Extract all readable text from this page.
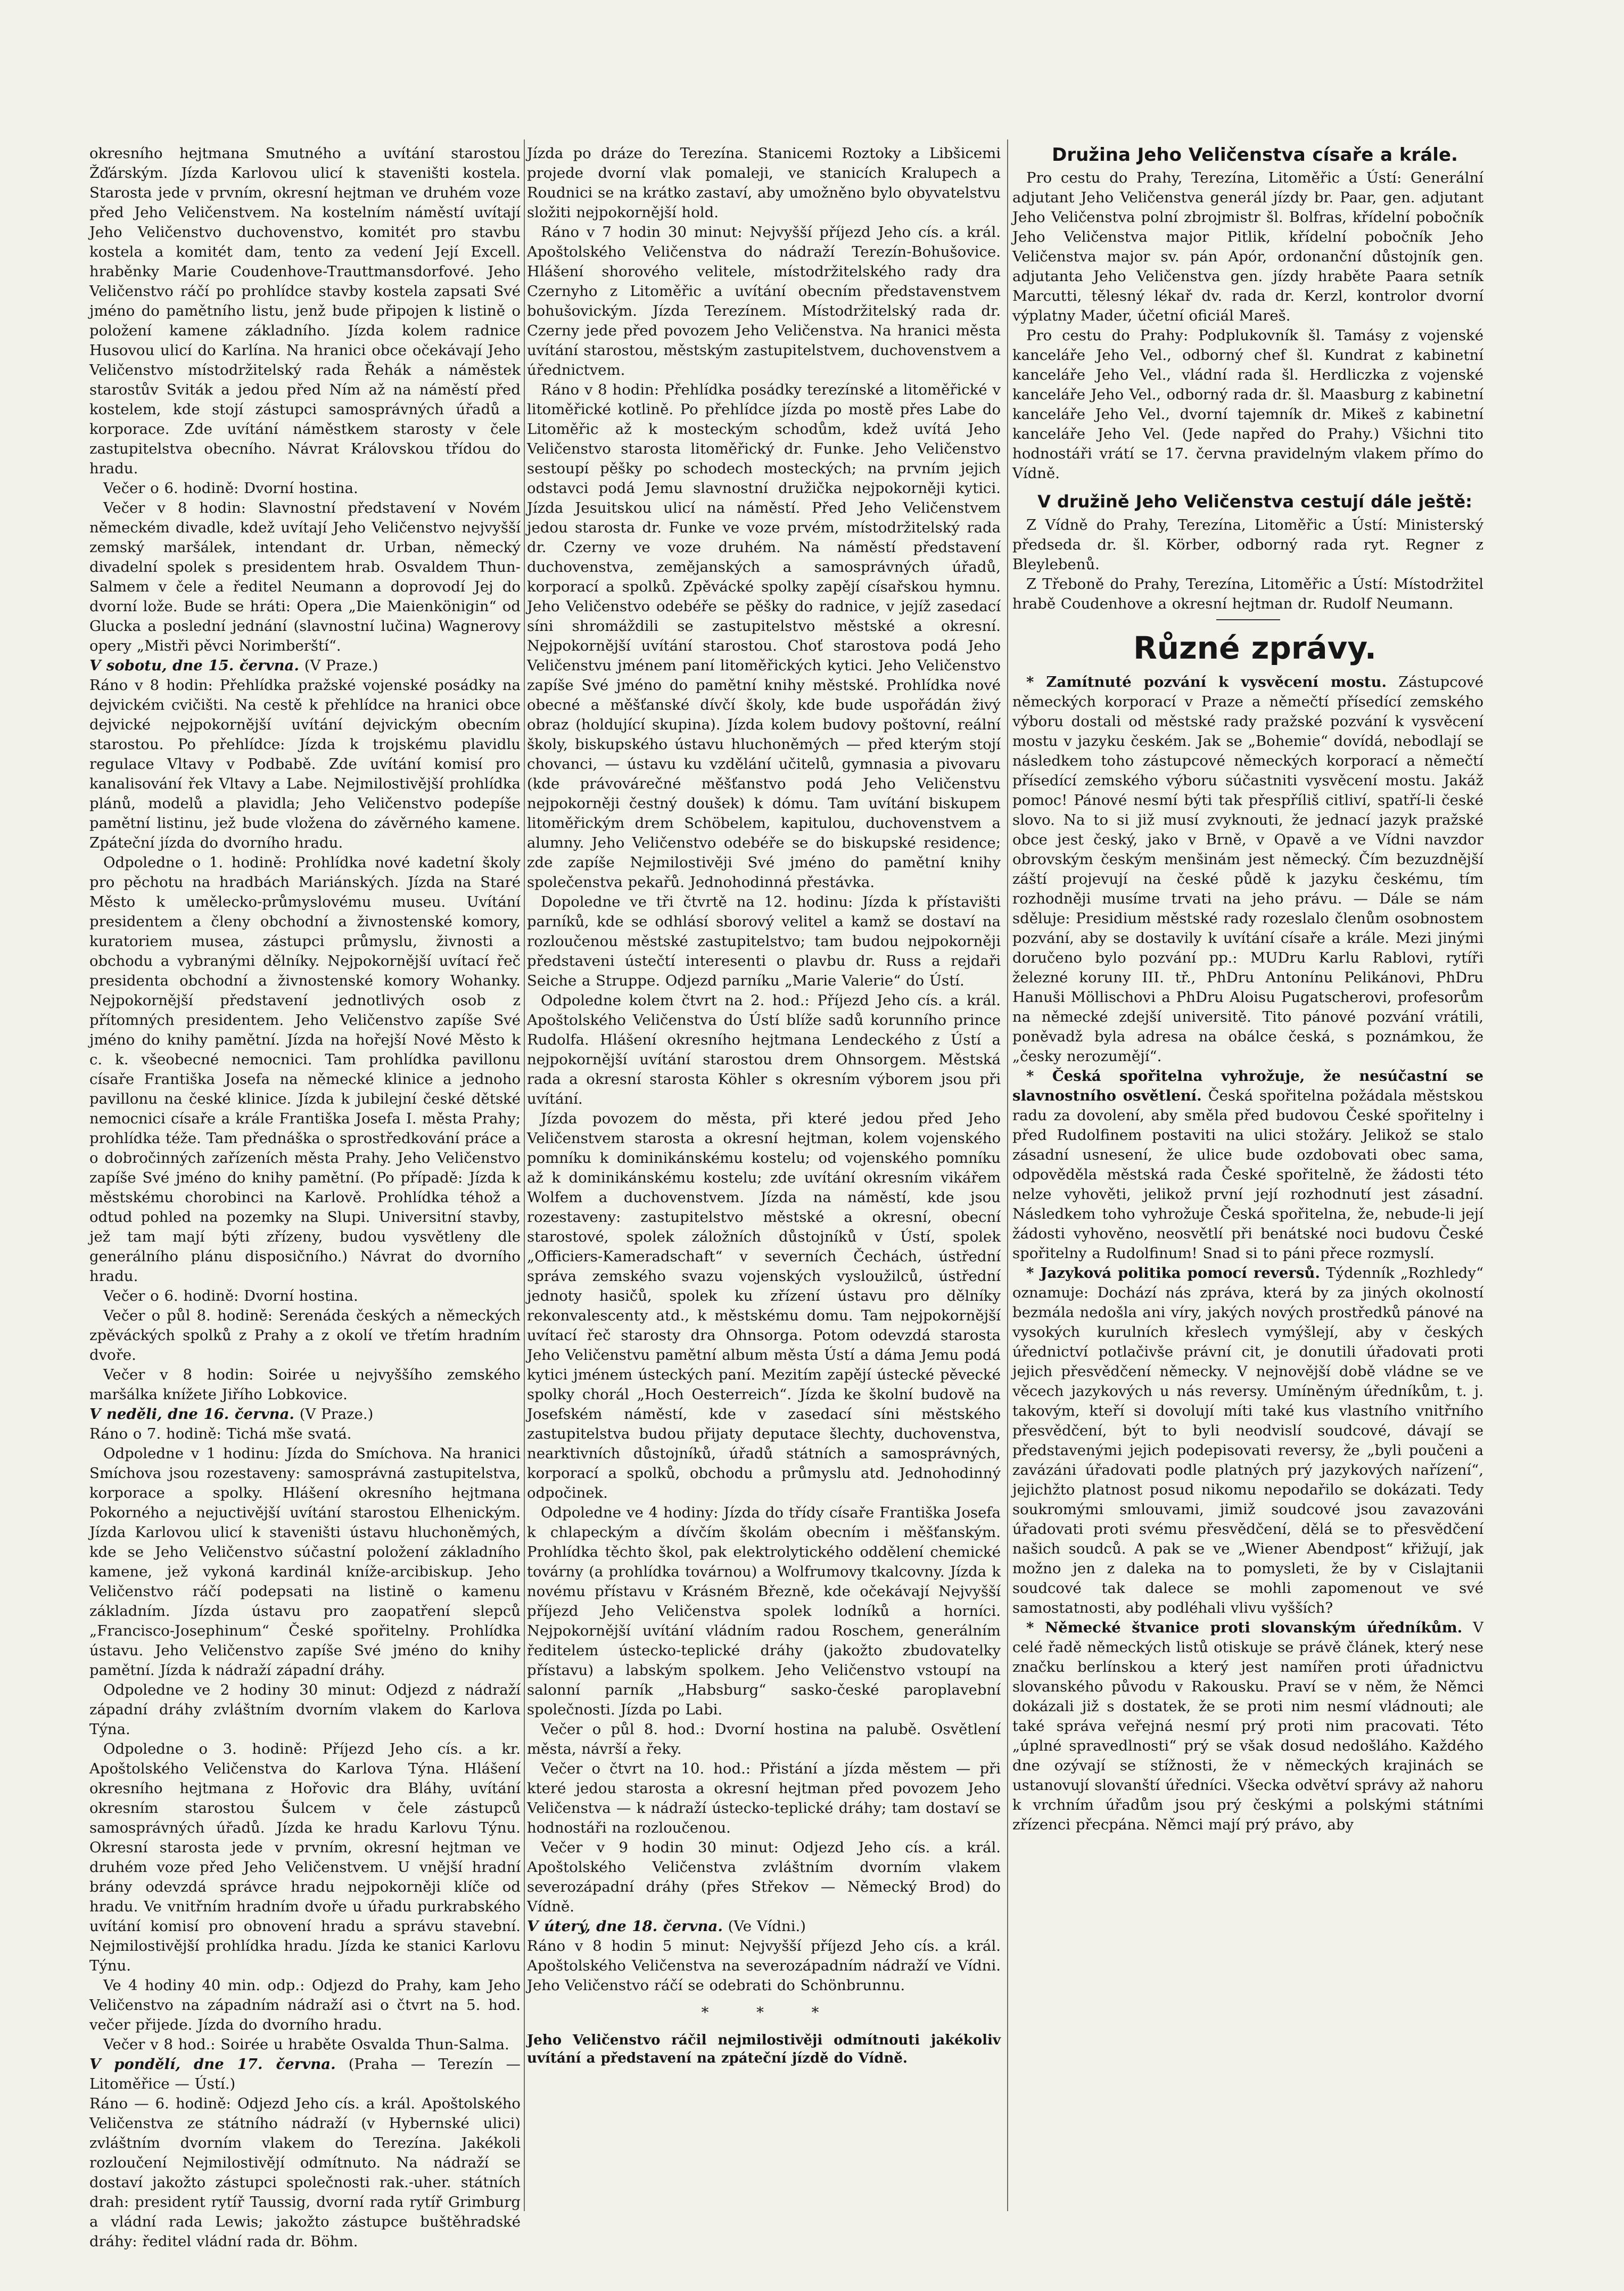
okresního hejtmana Smutného a uvítání starostou Žďárským. Jízda Karlovou ulicí k staveništi kostela. Starosta jede v prvním, okresní hejtman ve druhém voze před Jeho Veličenstvem. Na kostelním náměstí uvítají Jeho Veličenstvo duchovenstvo, komitét pro stavbu kostela a komitét dam, tento za vedení Její Excell. hraběnky Marie Coudenhove-Trauttmansdorfové. Jeho Veličenstvo ráčí po prohlídce stavby kostela zapsati Své jméno do pamětního listu, jenž bude připojen k listině o položení kamene základního. Jízda kolem radnice Husovou ulicí do Karlína. Na hranici obce očekávají Jeho Veličenstvo místodržitelský rada Řehák a náměstek starostův Sviták a jedou před Ním až na náměstí před kostelem, kde stojí zástupci samosprávných úřadů a korporace. Zde uvítání náměstkem starosty v čele zastupitelstva obecního. Návrat Královskou třídou do hradu.

Večer o 6. hodině: Dvorní hostina.

Večer v 8 hodin: Slavnostní představení v Novém německém divadle, kdež uvítají Jeho Veličenstvo nejvyšší zemský maršálek, intendant dr. Urban, německý divadelní spolek s presidentem hrab. Osvaldem Thun-Salmem v čele a ředitel Neumann a doprovodí Jej do dvorní lože. Bude se hráti: Opera „Die Maienkönigin“ od Glucka a poslední jednání (slavnostní lučina) Wagnerovy opery „Mistři pěvci Norimberští“.

V sobotu, dne 15. června. (V Praze.)

Ráno v 8 hodin: Přehlídka pražské vojenské posádky na dejvickém cvičišti. Na cestě k přehlídce na hranici obce dejvické nejpokornější uvítání dejvickým obecním starostou. Po přehlídce: Jízda k trojskému plavidlu regulace Vltavy v Podbabě. Zde uvítání komisí pro kanalisování řek Vltavy a Labe. Nejmilostivější prohlídka plánů, modelů a plavidla; Jeho Veličenstvo podepíše pamětní listinu, jež bude vložena do závěrného kamene. Zpáteční jízda do dvorního hradu.

Odpoledne o 1. hodině: Prohlídka nové kadetní školy pro pěchotu na hradbách Mariánských. Jízda na Staré Město k umělecko-průmyslovému museu. Uvítání presidentem a členy obchodní a živnostenské komory, kuratoriem musea, zástupci průmyslu, živnosti a obchodu a vybranými dělníky. Nejpokornější uvítací řeč presidenta obchodní a živnostenské komory Wohanky. Nejpokornější představení jednotlivých osob z přítomných presidentem. Jeho Veličenstvo zapíše Své jméno do knihy pamětní. Jízda na hořejší Nové Město k c. k. všeobecné nemocnici. Tam prohlídka pavillonu císaře Františka Josefa na německé klinice a jednoho pavillonu na české klinice. Jízda k jubilejní české dětské nemocnici císaře a krále Františka Josefa I. města Prahy; prohlídka téže. Tam přednáška o sprostředkování práce a o dobročinných zařízeních města Prahy. Jeho Veličenstvo zapíše Své jméno do knihy pamětní. (Po případě: Jízda k městskému chorobinci na Karlově. Prohlídka téhož a odtud pohled na pozemky na Slupi. Universitní stavby, jež tam mají býti zřízeny, budou vysvětleny dle generálního plánu disposičního.) Návrat do dvorního hradu.

Večer o 6. hodině: Dvorní hostina.

Večer o půl 8. hodině: Serenáda českých a německých zpěváckých spolků z Prahy a z okolí ve třetím hradním dvoře.

Večer v 8 hodin: Soirée u nejvyššího zemského maršálka knížete Jiřího Lobkovice.

V neděli, dne 16. června. (V Praze.)

Ráno o 7. hodině: Tichá mše svatá.

Odpoledne v 1 hodinu: Jízda do Smíchova. Na hranici Smíchova jsou rozestaveny: samosprávná zastupitelstva, korporace a spolky. Hlášení okresního hejtmana Pokorného a nejuctivější uvítání starostou Elhenickým. Jízda Karlovou ulicí k staveništi ústavu hluchoněmých, kde se Jeho Veličenstvo súčastní položení základního kamene, jež vykoná kardinál kníže-arcibiskup. Jeho Veličenstvo ráčí podepsati na listině o kamenu základním. Jízda ústavu pro zaopatření slepců „Francisco-Josephinum“ České spořitelny. Prohlídka ústavu. Jeho Veličenstvo zapíše Své jméno do knihy pamětní. Jízda k nádraží západní dráhy.

Odpoledne ve 2 hodiny 30 minut: Odjezd z nádraží západní dráhy zvláštním dvorním vlakem do Karlova Týna.

Odpoledne o 3. hodině: Příjezd Jeho cís. a kr. Apoštolského Veličenstva do Karlova Týna. Hlášení okresního hejtmana z Hořovic dra Bláhy, uvítání okresním starostou Šulcem v čele zástupců samosprávných úřadů. Jízda ke hradu Karlovu Týnu. Okresní starosta jede v prvním, okresní hejtman ve druhém voze před Jeho Veličenstvem. U vnější hradní brány odevzdá správce hradu nejpokorněji klíče od hradu. Ve vnitřním hradním dvoře u úřadu purkrabského uvítání komisí pro obnovení hradu a správu stavební. Nejmilostivější prohlídka hradu. Jízda ke stanici Karlovu Týnu.

Ve 4 hodiny 40 min. odp.: Odjezd do Prahy, kam Jeho Veličenstvo na západním nádraží asi o čtvrt na 5. hod. večer přijede. Jízda do dvorního hradu.

Večer v 8 hod.: Soirée u hraběte Osvalda Thun-Salma.

V pondělí, dne 17. června. (Praha — Terezín — Litoměřice — Ústí.)

Ráno — 6. hodině: Odjezd Jeho cís. a král. Apoštolského Veličenstva ze státního nádraží (v Hybernské ulici) zvláštním dvorním vlakem do Terezína. Jakékoli rozloučení Nejmilostivějí odmítnuto. Na nádraží se dostaví jakožto zástupci společnosti rak.-uher. státních drah: president rytíř Taussig, dvorní rada rytíř Grimburg a vládní rada Lewis; jakožto zástupce buštěhradské dráhy: ředitel vládní rada dr. Böhm.

Jízda po dráze do Terezína. Stanicemi Roztoky a Libšicemi projede dvorní vlak pomaleji, ve stanicích Kralupech a Roudnici se na krátko zastaví, aby umožněno bylo obyvatelstvu složiti nejpokornější hold.

Ráno v 7 hodin 30 minut: Nejvyšší příjezd Jeho cís. a král. Apoštolského Veličenstva do nádraží Terezín-Bohušovice. Hlášení shorového velitele, místodržitelského rady dra Czernyho z Litoměřic a uvítání obecním představenstvem bohušovickým. Jízda Terezínem. Místodržitelský rada dr. Czerny jede před povozem Jeho Veličenstva. Na hranici města uvítání starostou, městským zastupitelstvem, duchovenstvem a úřednictvem.

Ráno v 8 hodin: Přehlídka posádky terezínské a litoměřické v litoměřické kotlině. Po přehlídce jízda po mostě přes Labe do Litoměřic až k mosteckým schodům, kdež uvítá Jeho Veličenstvo starosta litoměřický dr. Funke. Jeho Veličenstvo sestoupí pěšky po schodech mosteckých; na prvním jejich odstavci podá Jemu slavnostní družička nejpokorněji kytici. Jízda Jesuitskou ulicí na náměstí. Před Jeho Veličenstvem jedou starosta dr. Funke ve voze prvém, místodržitelský rada dr. Czerny ve voze druhém. Na náměstí představení duchovenstva, zemějanských a samosprávných úřadů, korporací a spolků. Zpěvácké spolky zapějí císařskou hymnu. Jeho Veličenstvo odebéře se pěšky do radnice, v jejíž zasedací síni shromáždili se zastupitelstvo městské a okresní. Nejpokornější uvítání starostou. Choť starostova podá Jeho Veličenstvu jménem paní litoměřických kytici. Jeho Veličenstvo zapíše Své jméno do pamětní knihy městské. Prohlídka nové obecné a měšťanské dívčí školy, kde bude uspořádán živý obraz (holdující skupina). Jízda kolem budovy poštovní, reální školy, biskupského ústavu hluchoněmých — před kterým stojí chovanci, — ústavu ku vzdělání učitelů, gymnasia a pivovaru (kde právovárečné měšťanstvo podá Jeho Veličenstvu nejpokorněji čestný doušek) k dómu. Tam uvítání biskupem litoměřickým drem Schöbelem, kapitulou, duchovenstvem a alumny. Jeho Veličenstvo odebéře se do biskupské residence; zde zapíše Nejmilostivěji Své jméno do pamětní knihy společenstva pekařů. Jednohodinná přestávka.

Dopoledne ve tři čtvrtě na 12. hodinu: Jízda k přístavišti parníků, kde se odhlásí sborový velitel a kamž se dostaví na rozloučenou městské zastupitelstvo; tam budou nejpokorněji představeni ústečtí interesenti o plavbu dr. Russ a rejdaři Seiche a Struppe. Odjezd parníku „Marie Valerie“ do Ústí.

Odpoledne kolem čtvrt na 2. hod.: Příjezd Jeho cís. a král. Apoštolského Veličenstva do Ústí blíže sadů korunního prince Rudolfa. Hlášení okresního hejtmana Lendeckého z Ústí a nejpokornější uvítání starostou drem Ohnsorgem. Městská rada a okresní starosta Köhler s okresním výborem jsou při uvítání.

Jízda povozem do města, při které jedou před Jeho Veličenstvem starosta a okresní hejtman, kolem vojenského pomníku k dominikánskému kostelu; od vojenského pomníku až k dominikánskému kostelu; zde uvítání okresním vikářem Wolfem a duchovenstvem. Jízda na náměstí, kde jsou rozestaveny: zastupitelstvo městské a okresní, obecní starostové, spolek záložních důstojníků v Ústí, spolek „Officiers-Kameradschaft“ v severních Čechách, ústřední správa zemského svazu vojenských vysloužilců, ústřední jednoty hasičů, spolek ku zřízení ústavu pro dělníky rekonvalescenty atd., k městskému domu. Tam nejpokornější uvítací řeč starosty dra Ohnsorga. Potom odevzdá starosta Jeho Veličenstvu pamětní album města Ústí a dáma Jemu podá kytici jménem ústeckých paní. Mezitím zapějí ústecké pěvecké spolky chorál „Hoch Oesterreich“. Jízda ke školní budově na Josefském náměstí, kde v zasedací síni městského zastupitelstva budou přijaty deputace šlechty, duchovenstva, nearktivních důstojníků, úřadů státních a samosprávných, korporací a spolků, obchodu a průmyslu atd. Jednohodinný odpočinek.

Odpoledne ve 4 hodiny: Jízda do třídy císaře Františka Josefa k chlapeckým a dívčím školám obecním i měšťanským. Prohlídka těchto škol, pak elektrolytického oddělení chemické továrny (a prohlídka továrnou) a Wolfrumovy tkalcovny. Jízda k novému přístavu v Krásném Březně, kde očekávají Nejvyšší příjezd Jeho Veličenstva spolek lodníků a horníci. Nejpokornější uvítání vládním radou Roschem, generálním ředitelem ústecko-teplické dráhy (jakožto zbudovatelky přístavu) a labským spolkem. Jeho Veličenstvo vstoupí na salonní parník „Habsburg“ sasko-české paroplavební společnosti. Jízda po Labi.

Večer o půl 8. hod.: Dvorní hostina na palubě. Osvětlení města, návrší a řeky.

Večer o čtvrt na 10. hod.: Přistání a jízda městem — při které jedou starosta a okresní hejtman před povozem Jeho Veličenstva — k nádraží ústecko-teplické dráhy; tam dostaví se hodnostáři na rozloučenou.

Večer v 9 hodin 30 minut: Odjezd Jeho cís. a král. Apoštolského Veličenstva zvláštním dvorním vlakem severozápadní dráhy (přes Střekov — Německý Brod) do Vídně.

V úterý, dne 18. června. (Ve Vídni.)

Ráno v 8 hodin 5 minut: Nejvyšší příjezd Jeho cís. a král. Apoštolského Veličenstva na severozápadním nádraží ve Vídni. Jeho Veličenstvo ráčí se odebrati do Schönbrunnu.

* * *

Jeho Veličenstvo ráčil nejmilostivěji odmítnouti jakékoliv uvítání a představení na zpáteční jízdě do Vídně.

Družina Jeho Veličenstva císaře a krále.

Pro cestu do Prahy, Terezína, Litoměřic a Ústí: Generální adjutant Jeho Veličenstva generál jízdy br. Paar, gen. adjutant Jeho Veličenstva polní zbrojmistr šl. Bolfras, křídelní pobočník Jeho Veličenstva major Pitlik, křídelní pobočník Jeho Veličenstva major sv. pán Apór, ordonanční důstojník gen. adjutanta Jeho Veličenstva gen. jízdy hraběte Paara setník Marcutti, tělesný lékař dv. rada dr. Kerzl, kontrolor dvorní výplatny Mader, účetní oficiál Mareš.

Pro cestu do Prahy: Podplukovník šl. Tamásy z vojenské kanceláře Jeho Vel., odborný chef šl. Kundrat z kabinetní kanceláře Jeho Vel., vládní rada šl. Herdliczka z vojenské kanceláře Jeho Vel., odborný rada dr. šl. Maasburg z kabinetní kanceláře Jeho Vel., dvorní tajemník dr. Mikeš z kabinetní kanceláře Jeho Vel. (Jede napřed do Prahy.) Všichni tito hodnostáři vrátí se 17. června pravidelným vlakem přímo do Vídně.

V družině Jeho Veličenstva cestují dále ještě:

Z Vídně do Prahy, Terezína, Litoměřic a Ústí: Ministerský předseda dr. šl. Körber, odborný rada ryt. Regner z Bleylebenů.

Z Třeboně do Prahy, Terezína, Litoměřic a Ústí: Místodržitel hrabě Coudenhove a okresní hejtman dr. Rudolf Neumann.

Různé zprávy.

* Zamítnuté pozvání k vysvěcení mostu. Zástupcové německých korporací v Praze a němečtí přísedící zemského výboru dostali od městské rady pražské pozvání k vysvěcení mostu v jazyku českém. Jak se „Bohemie“ dovídá, nebodlají se následkem toho zástupcové německých korporací a němečtí přísedící zemského výboru súčastniti vysvěcení mostu. Jakáž pomoc! Pánové nesmí býti tak přespříliš citliví, spatří-li české slovo. Na to si již musí zvyknouti, že jednací jazyk pražské obce jest český, jako v Brně, v Opavě a ve Vídni navzdor obrovským českým menšinám jest německý. Čím bezuzdnější záští projevují na české půdě k jazyku českému, tím rozhodněji musíme trvati na jeho právu. — Dále se nám sděluje: Presidium městské rady rozeslalo členům osobnostem pozvání, aby se dostavily k uvítání císaře a krále. Mezi jinými doručeno bylo pozvání pp.: MUDru Karlu Rablovi, rytíři železné koruny III. tř., PhDru Antonínu Pelikánovi, PhDru Hanuši Möllischovi a PhDru Aloisu Pugatscherovi, profesorům na německé zdejší universitě. Tito pánové pozvání vrátili, poněvadž byla adresa na obálce česká, s poznámkou, že „česky nerozumějí“.

* Česká spořitelna vyhrožuje, že nesúčastní se slavnostního osvětlení. Česká spořitelna požádala městskou radu za dovolení, aby směla před budovou České spořitelny i před Rudolfinem postaviti na ulici stožáry. Jelikož se stalo zásadní usnesení, že ulice bude ozdobovati obec sama, odpověděla městská rada České spořitelně, že žádosti této nelze vyhověti, jelikož první její rozhodnutí jest zásadní. Následkem toho vyhrožuje Česká spořitelna, že, nebude-li její žádosti vyhověno, neosvětlí při benátské noci budovu České spořitelny a Rudolfinum! Snad si to páni přece rozmyslí.

* Jazyková politika pomocí reversů. Týdenník „Rozhledy“ oznamuje: Dochází nás zpráva, která by za jiných okolností bezmála nedošla ani víry, jakých nových prostředků pánové na vysokých kurulních křeslech vymýšlejí, aby v českých úřednictví potlačivše právní cit, je donutili úřadovati proti jejich přesvědčení německy. V nejnovější době vládne se ve věcech jazykových u nás reversy. Umíněným úředníkům, t. j. takovým, kteří si dovolují míti také kus vlastního vnitřního přesvědčení, být to byli neodvislí soudcové, dávají se představenými jejich podepisovati reversy, že „byli poučeni a zavázáni úřadovati podle platných prý jazykových nařízení“, jejichžto platnost posud nikomu nepodařilo se dokázati. Tedy soukromými smlouvami, jimiž soudcové jsou zavazováni úřadovati proti svému přesvědčení, dělá se to přesvědčení našich soudců. A pak se ve „Wiener Abendpost“ křižují, jak možno jen z daleka na to pomysleti, že by v Cislajtanii soudcové tak dalece se mohli zapomenout ve své samostatnosti, aby podléhali vlivu vyšších?

* Německé štvanice proti slovanským úředníkům. V celé řadě německých listů otiskuje se právě článek, který nese značku berlínskou a který jest namířen proti úřadnictvu slovanského původu v Rakousku. Praví se v něm, že Němci dokázali již s dostatek, že se proti nim nesmí vládnouti; ale také správa veřejná nesmí prý proti nim pracovati. Této „úplné spravedlnosti“ prý se však dosud nedošláho. Každého dne ozývají se stížnosti, že v německých krajinách se ustanovují slovanští úředníci. Všecka odvětví správy až nahoru k vrchním úřadům jsou prý českými a polskými státními zřízenci přecpána. Němci mají prý právo, aby
